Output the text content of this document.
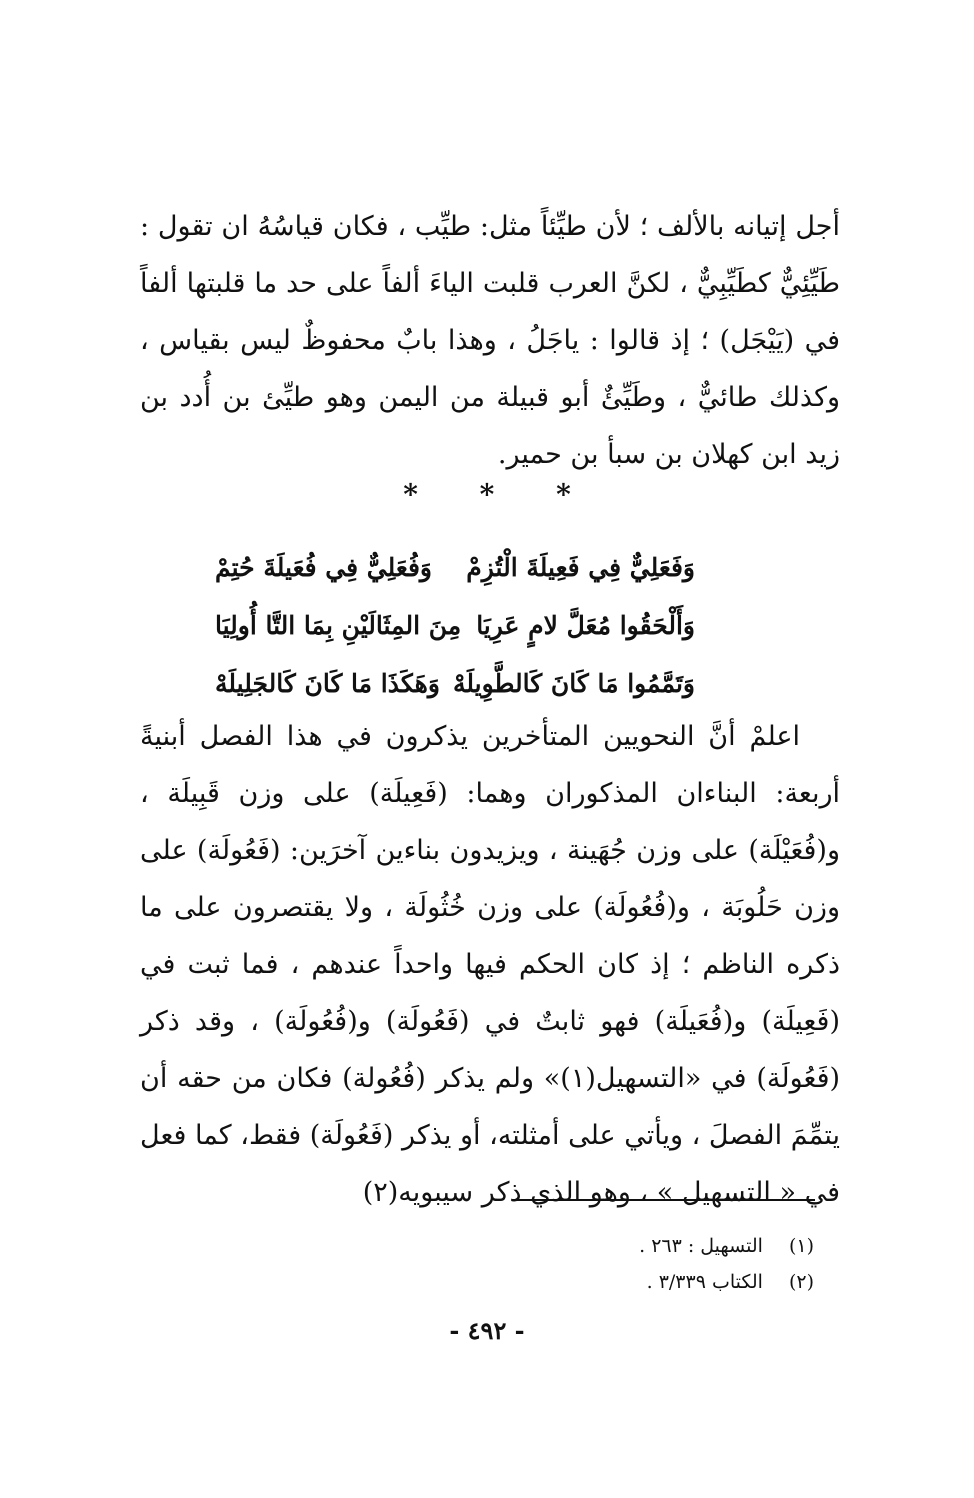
أجل إتيانه بالألف ؛ لأن طيِّئاً مثل: طيِّب ، فكان قياسُهُ ان تقول : طَيِّئِيٌّ كطَيِّبِيٌّ ، لكنَّ العرب قلبت الياءَ ألفاً على حد ما قلبتها ألفاً في (يَيْجَل) ؛ إذ قالوا : ياجَلُ ، وهذا بابٌ محفوظٌ ليس بقياس ، وكذلك طائيٌّ ، وطَيِّئٌ أبو قبيلة من اليمن وهو طيِّئ بن أُدد بن زيد ابن كهلان بن سبأ بن حمير.

* * *
وَفَعَلِيٌّ فِي فَعِيلَةَ الْتُزِمْ
وَفُعَلِيٌّ فِي فُعَيلَةَ حُتِمْ
وَأَلْحَقُوا مُعَلَّ لامٍ عَرِيَا
مِنَ المِثَالَيْنِ بِمَا التَّا أُولِيَا
وَتَمَّمُوا مَا كَانَ كَالطَّوِيلَهْ
وَهَكَذَا مَا كَانَ كَالجَلِيلَهْ

اعلمْ أنَّ النحويين المتأخرين يذكرون في هذا الفصل أبنيةً أربعة: البناءان المذكوران وهما: (فَعِيلَة) على وزن قَبِيلَة ، و(فُعَيْلَة) على وزن جُهَينة ، ويزيدون بناءين آخرَين: (فَعُولَة) على وزن حَلُوبَة ، و(فُعُولَة) على وزن خُثُولَة ، ولا يقتصرون على ما ذكره الناظم ؛ إذ كان الحكم فيها واحداً عندهم ، فما ثبت في (فَعِيلَة) و(فُعَيلَة) فهو ثابتٌ في (فَعُولَة) و(فُعُولَة) ، وقد ذكر (فَعُولَة) في «التسهيل(١)» ولم يذكر (فُعُولة) فكان من حقه أن يتمِّمَ الفصلَ ، ويأتي على أمثلته، أو يذكر (فَعُولَة) فقط، كما فعل في « التسهيل » ، وهو الذي ذكر سيبويه(٢)

(١)
التسهيل : ٢٦٣ .
(٢)
الكتاب ٣/٣٣٩ .
- ٤٩٢ -
